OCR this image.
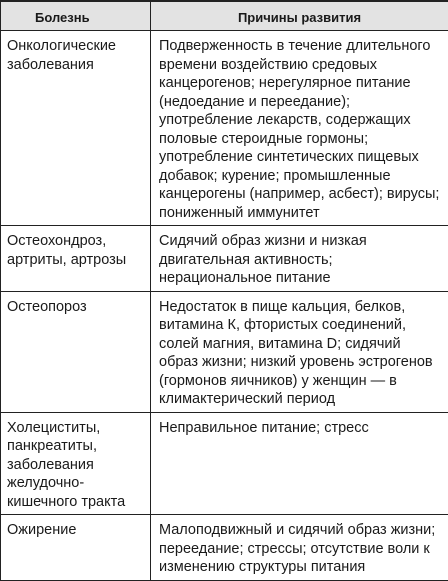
Болезнь	Причины развития
Онкологические заболевания	Подверженность в течение длительного времени воздействию средовых канцерогенов; нерегулярное питание (недоедание и переедание); употребление лекарств, содержащих половые стероидные гормоны; употребление синтетических пищевых добавок; курение; промышленные канцерогены (например, асбест); вирусы; пониженный иммунитет
Остеохондроз, артриты, артрозы	Сидячий образ жизни и низкая двигательная активность; нерациональное питание
Остеопороз	Недостаток в пище кальция, белков, витамина К, фтористых соединений, солей магния, витамина D; сидячий образ жизни; низкий уровень эстрогенов (гормонов яичников) у женщин — в климактерический период
Холециститы, панкреатиты, заболевания желудочно-кишечного тракта	Неправильное питание; стресс
Ожирение	Малоподвижный и сидячий образ жизни; переедание; стрессы; отсутствие воли к изменению структуры питания
